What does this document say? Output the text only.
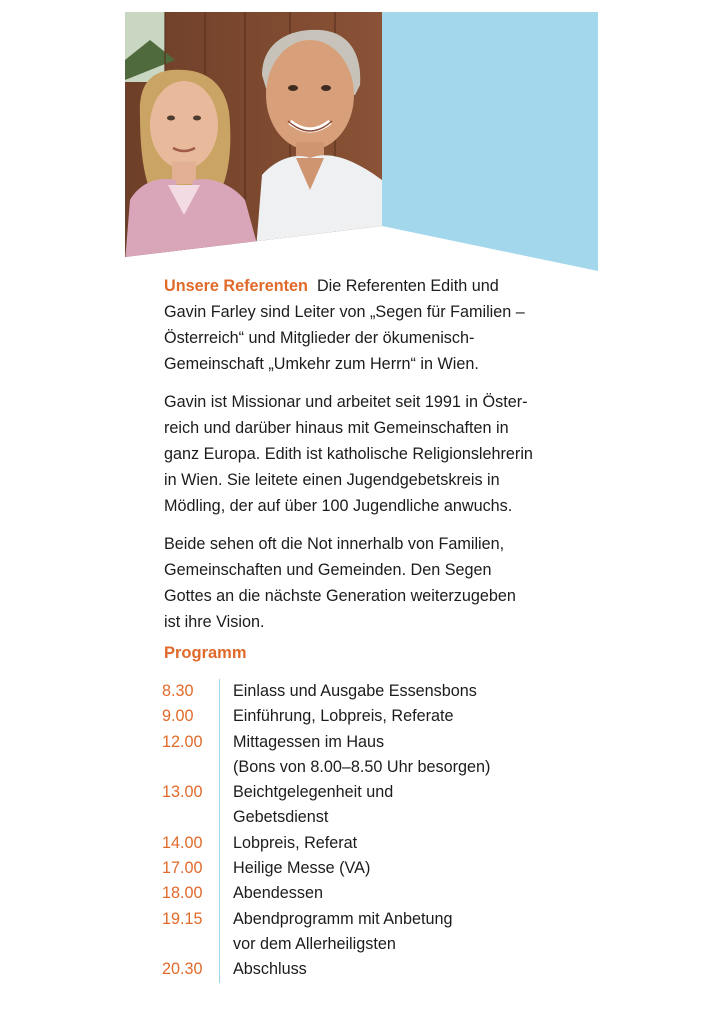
Unsere Referenten Die Referenten Edith und
Gavin Farley sind Leiter von „Segen für Familien –
Österreich“ und Mitglieder der ökumenisch-
Gemeinschaft „Umkehr zum Herrn“ in Wien.

Gavin ist Missionar und arbeitet seit 1991 in Öster-
reich und darüber hinaus mit Gemeinschaften in
ganz Europa. Edith ist katholische Religionslehrerin
in Wien. Sie leitete einen Jugendgebetskreis in
Mödling, der auf über 100 Jugendliche anwuchs.

Beide sehen oft die Not innerhalb von Familien,
Gemeinschaften und Gemeinden. Den Segen
Gottes an die nächste Generation weiterzugeben
ist ihre Vision.

Programm
8.30	Einlass und Ausgabe Essensbons
9.00	Einführung, Lobpreis, Referate
12.00	Mittagessen im Haus
(Bons von 8.00–8.50 Uhr besorgen)
13.00	Beichtgelegenheit und
Gebetsdienst
14.00	Lobpreis, Referat
17.00	Heilige Messe (VA)
18.00	Abendessen
19.15	Abendprogramm mit Anbetung
vor dem Allerheiligsten
20.30	Abschluss
